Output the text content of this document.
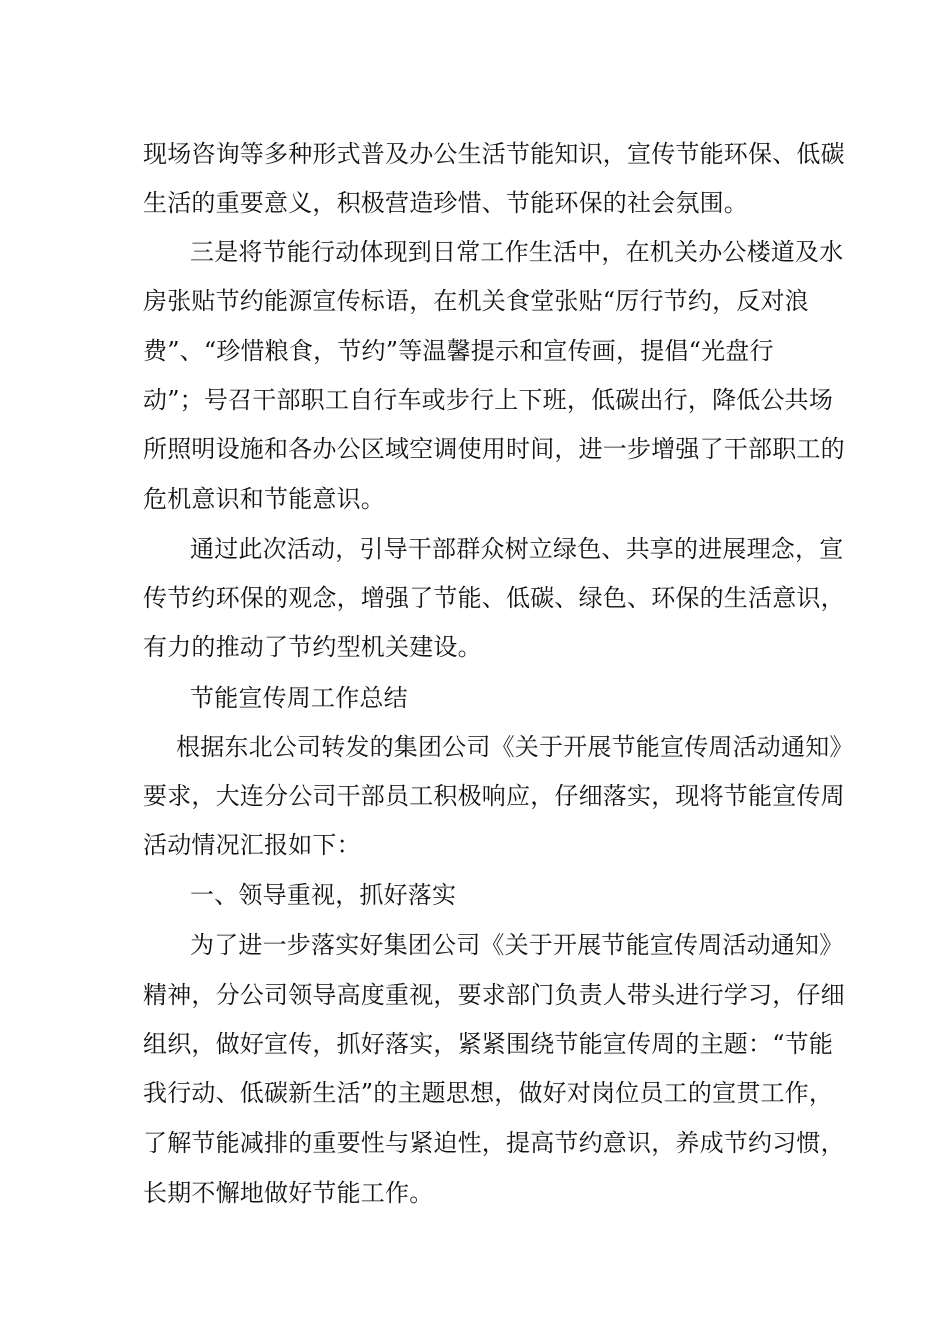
现场咨询等多种形式普及办公生活节能知识，宣传节能环保、低碳
生活的重要意义，积极营造珍惜、节能环保的社会氛围。
三是将节能行动体现到日常工作生活中，在机关办公楼道及水
房张贴节约能源宣传标语，在机关食堂张贴“厉行节约，反对浪
费”、“珍惜粮食，节约”等温馨提示和宣传画，提倡“光盘行
动”；号召干部职工自行车或步行上下班，低碳出行，降低公共场
所照明设施和各办公区域空调使用时间，进一步增强了干部职工的
危机意识和节能意识。
通过此次活动，引导干部群众树立绿色、共享的进展理念，宣
传节约环保的观念，增强了节能、低碳、绿色、环保的生活意识，
有力的推动了节约型机关建设。
节能宣传周工作总结
根据东北公司转发的集团公司《关于开展节能宣传周活动通知》
要求，大连分公司干部员工积极响应，仔细落实，现将节能宣传周
活动情况汇报如下：
一、领导重视，抓好落实
为了进一步落实好集团公司《关于开展节能宣传周活动通知》
精神，分公司领导高度重视，要求部门负责人带头进行学习，仔细
组织，做好宣传，抓好落实，紧紧围绕节能宣传周的主题：“节能
我行动、低碳新生活”的主题思想，做好对岗位员工的宣贯工作，
了解节能减排的重要性与紧迫性，提高节约意识，养成节约习惯，
长期不懈地做好节能工作。
